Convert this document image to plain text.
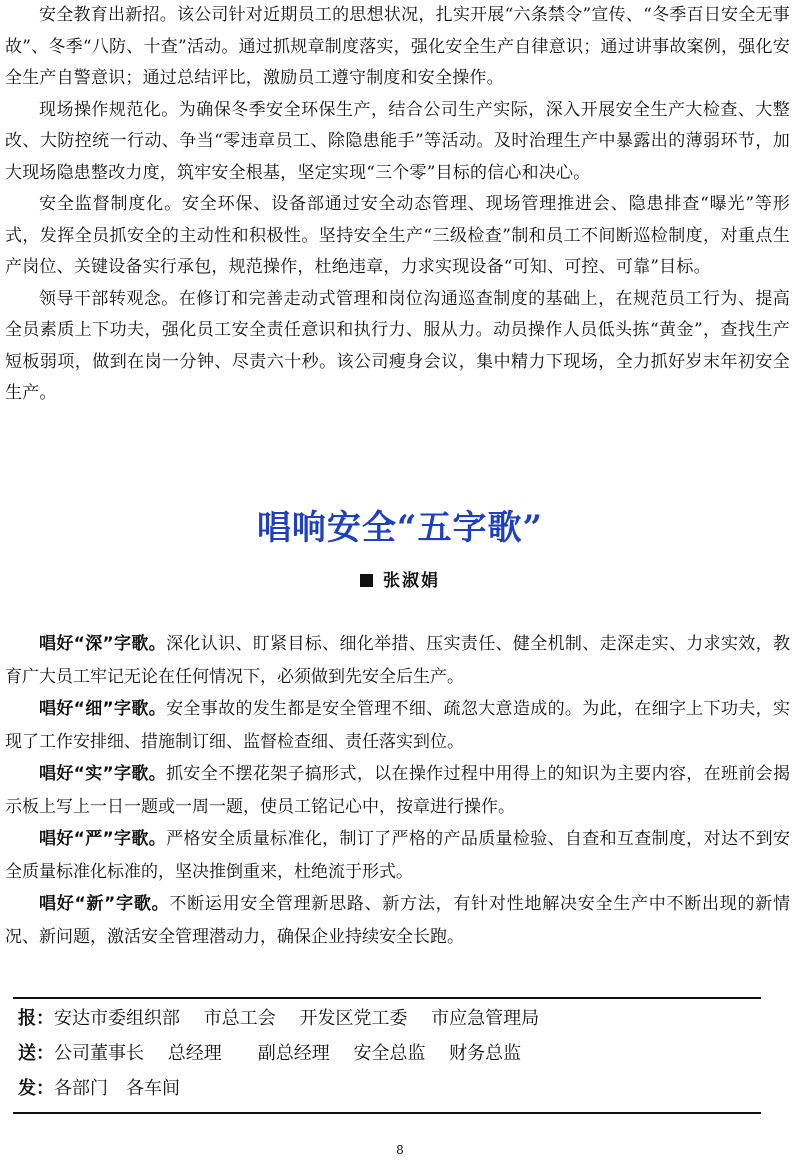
安全教育出新招。该公司针对近期员工的思想状况，扎实开展“六条禁令”宣传、“冬季百日安全无事故”、冬季“八防、十查”活动。通过抓规章制度落实，强化安全生产自律意识；通过讲事故案例，强化安全生产自警意识；通过总结评比，激励员工遵守制度和安全操作。

现场操作规范化。为确保冬季安全环保生产，结合公司生产实际，深入开展安全生产大检查、大整改、大防控统一行动、争当“零违章员工、除隐患能手”等活动。及时治理生产中暴露出的薄弱环节，加大现场隐患整改力度，筑牢安全根基，坚定实现“三个零”目标的信心和决心。

安全监督制度化。安全环保、设备部通过安全动态管理、现场管理推进会、隐患排查“曝光”等形式，发挥全员抓安全的主动性和积极性。坚持安全生产“三级检查”制和员工不间断巡检制度，对重点生产岗位、关键设备实行承包，规范操作，杜绝违章，力求实现设备“可知、可控、可靠”目标。

领导干部转观念。在修订和完善走动式管理和岗位沟通巡查制度的基础上，在规范员工行为、提高全员素质上下功夫，强化员工安全责任意识和执行力、服从力。动员操作人员低头拣“黄金”，查找生产短板弱项，做到在岗一分钟、尽责六十秒。该公司瘦身会议，集中精力下现场，全力抓好岁末年初安全生产。

唱响安全“五字歌”
张淑娟

唱好“深”字歌。深化认识、盯紧目标、细化举措、压实责任、健全机制、走深走实、力求实效，教育广大员工牢记无论在任何情况下，必须做到先安全后生产。

唱好“细”字歌。安全事故的发生都是安全管理不细、疏忽大意造成的。为此，在细字上下功夫，实现了工作安排细、措施制订细、监督检查细、责任落实到位。

唱好“实”字歌。抓安全不摆花架子搞形式，以在操作过程中用得上的知识为主要内容，在班前会揭示板上写上一日一题或一周一题，使员工铭记心中，按章进行操作。

唱好“严”字歌。严格安全质量标准化，制订了严格的产品质量检验、自查和互查制度，对达不到安全质量标准化标准的，坚决推倒重来，杜绝流于形式。

唱好“新”字歌。不断运用安全管理新思路、新方法，有针对性地解决安全生产中不断出现的新情况、新问题，激活安全管理潜动力，确保企业持续安全长跑。

报：安达市委组织部　 市总工会　 开发区党工委　 市应急管理局
送：公司董事长　 总经理　　副总经理　 安全总监　 财务总监
发：各部门　各车间
8
